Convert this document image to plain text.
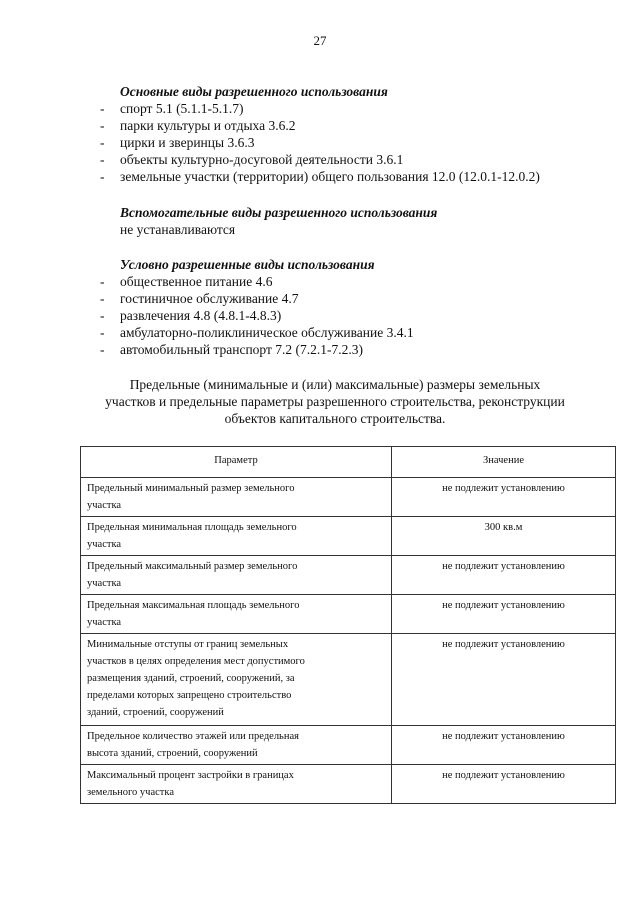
27
Основные виды разрешенного использования
-	спорт 5.1 (5.1.1-5.1.7)
-	парки культуры и отдыха 3.6.2
-	цирки и зверинцы 3.6.3
-	объекты культурно-досуговой деятельности 3.6.1
-	земельные участки (территории) общего пользования 12.0 (12.0.1-12.0.2)
Вспомогательные виды разрешенного использования
не устанавливаются
Условно разрешенные виды использования
-	общественное питание 4.6
-	гостиничное обслуживание 4.7
-	развлечения 4.8 (4.8.1-4.8.3)
-	амбулаторно-поликлиническое обслуживание 3.4.1
-	автомобильный транспорт 7.2 (7.2.1-7.2.3)
Предельные (минимальные и (или) максимальные) размеры земельных
участков и предельные параметры разрешенного строительства, реконструкции
объектов капитального строительства.
Параметр	Значение

Предельный минимальный размер земельного
участка	не подлежит установлению

Предельная минимальная площадь земельного
участка	300 кв.м

Предельный максимальный размер земельного
участка	не подлежит установлению

Предельная максимальная площадь земельного
участка	не подлежит установлению

Минимальные отступы от границ земельных
участков в целях определения мест допустимого
размещения зданий, строений, сооружений, за
пределами которых запрещено строительство
зданий, строений, сооружений	не подлежит установлению

Предельное количество этажей или предельная
высота зданий, строений, сооружений	не подлежит установлению

Максимальный процент застройки в границах
земельного участка	не подлежит установлению
